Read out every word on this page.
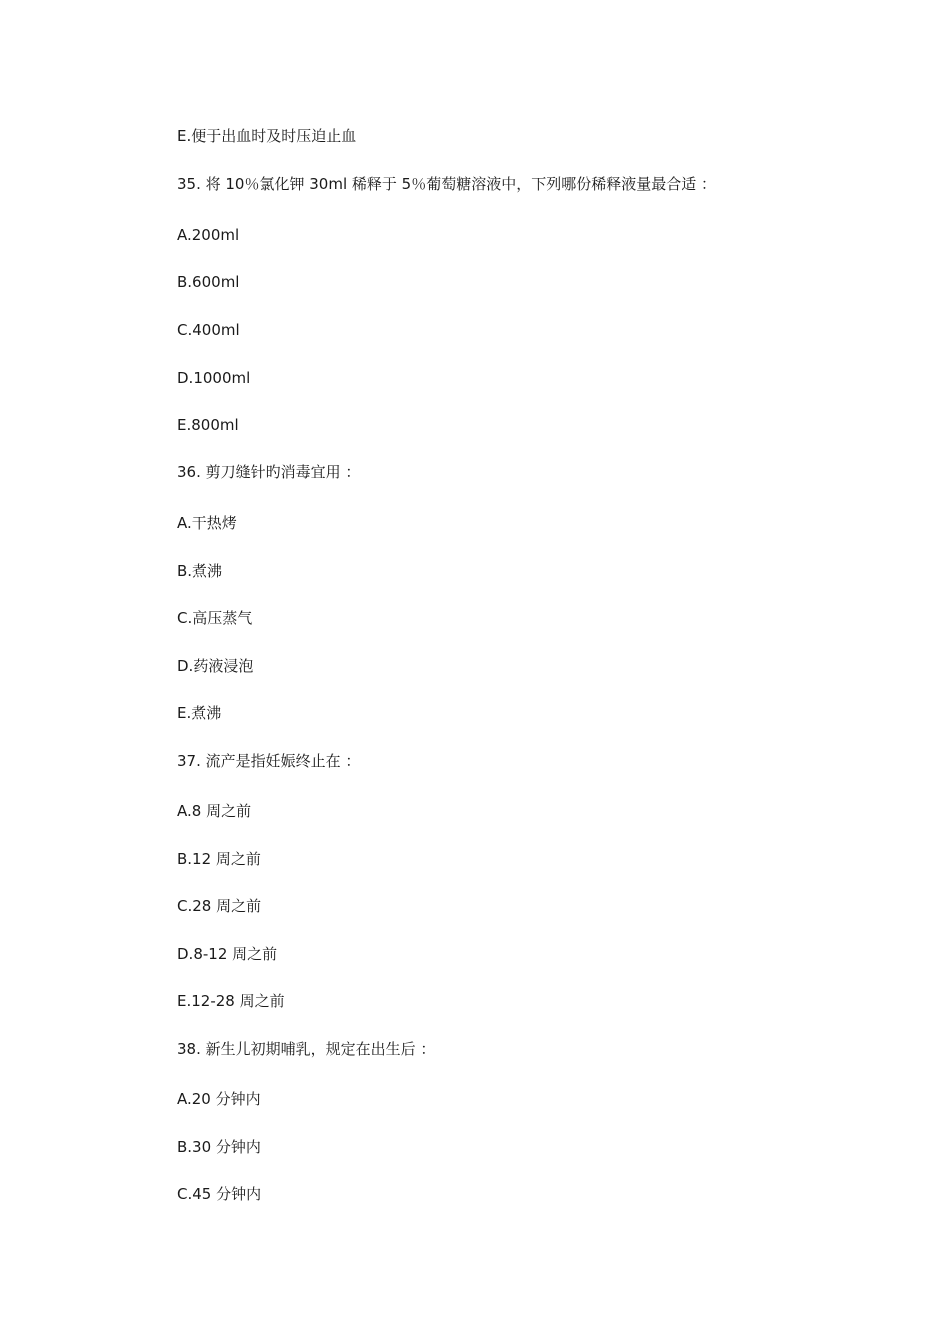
E.便于出血时及时压迫止血
35. 将 10％氯化钾 30ml 稀释于 5％葡萄糖溶液中，下列哪份稀释液量最合适 ：
A.200ml
B.600ml
C.400ml
D.1000ml
E.800ml
36. 剪刀缝针旳消毒宜用 ：
A.干热烤
B.煮沸
C.高压蒸气
D.药液浸泡
E.煮沸
37. 流产是指妊娠终止在 ：
A.8 周之前
B.12 周之前
C.28 周之前
D.8-12 周之前
E.12-28 周之前
38. 新生儿初期哺乳，规定在出生后 ：
A.20 分钟内
B.30 分钟内
C.45 分钟内
